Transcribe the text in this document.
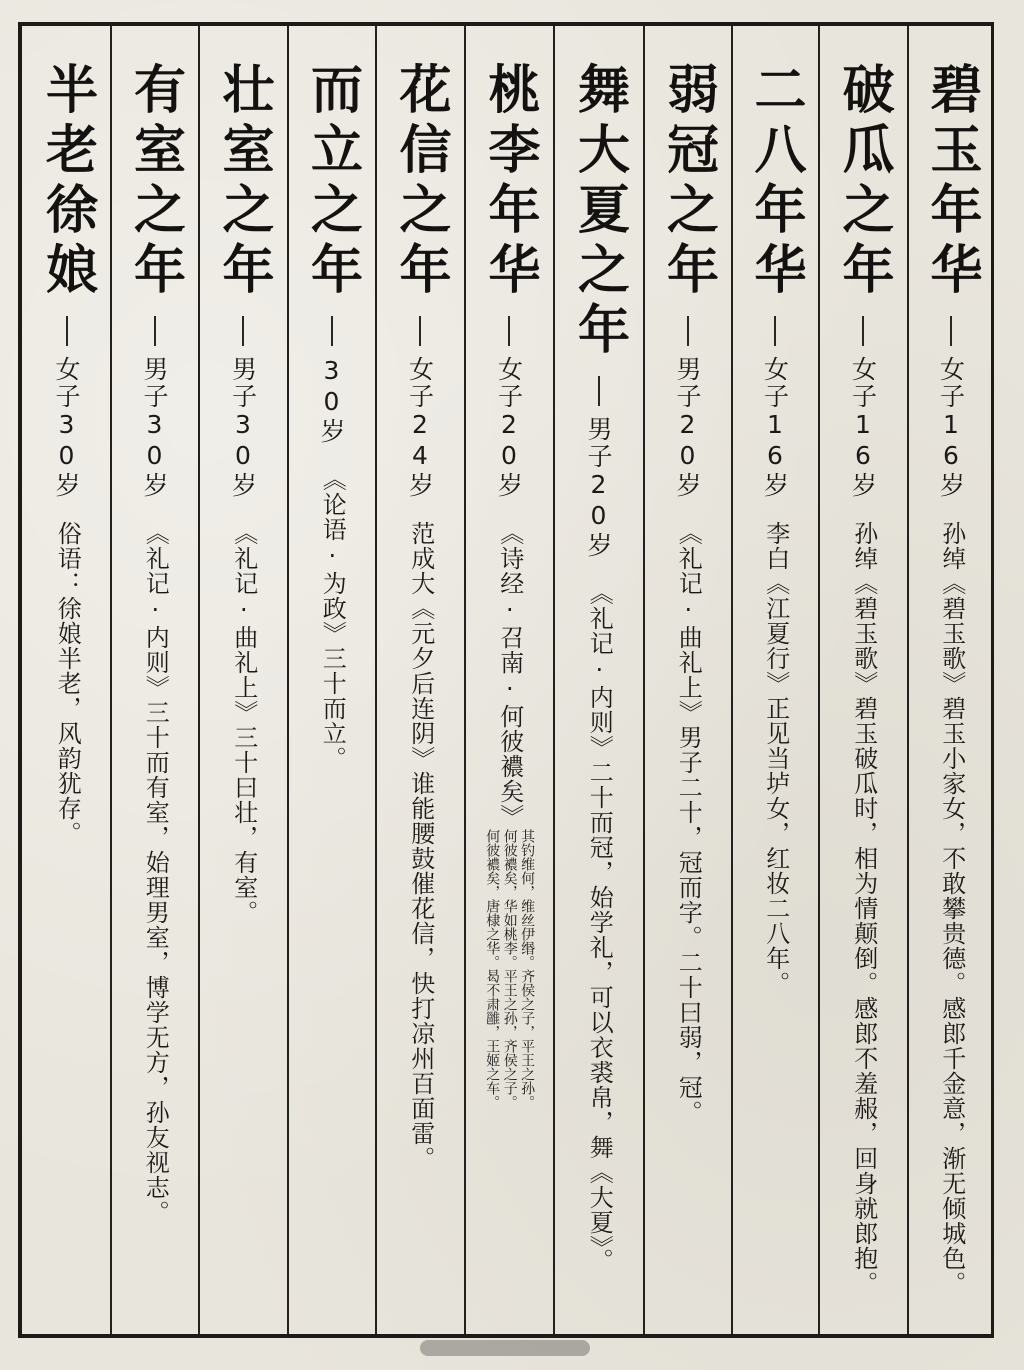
碧玉年华
女子16岁
孙绰《碧玉歌》碧玉小家女，不敢攀贵德。感郎千金意，渐无倾城色。
破瓜之年
女子16岁
孙绰《碧玉歌》碧玉破瓜时，相为情颠倒。感郎不羞赧，回身就郎抱。
二八年华
女子16岁
李白《江夏行》正见当垆女，红妆二八年。
弱冠之年
男子20岁
《礼记·曲礼上》男子二十，冠而字。二十曰弱，冠。
舞大夏之年
男子20岁
《礼记·内则》二十而冠，始学礼，可以衣裘帛，舞《大夏》。
桃李年华
女子20岁
《诗经·召南·何彼襛矣》
何彼襛矣，唐棣之华。曷不肃雝，王姬之车。 何彼襛矣，华如桃李。平王之孙，齐侯之子。 其钓维何，维丝伊缗。齐侯之子，平王之孙。
花信之年
女子24岁
范成大《元夕后连阴》谁能腰鼓催花信，快打凉州百面雷。
而立之年
30岁
《论语·为政》三十而立。
壮室之年
男子30岁
《礼记·曲礼上》三十曰壮，有室。
有室之年
男子30岁
《礼记·内则》三十而有室，始理男室，博学无方，孙友视志。
半老徐娘
女子30岁
俗语：徐娘半老，风韵犹存。
